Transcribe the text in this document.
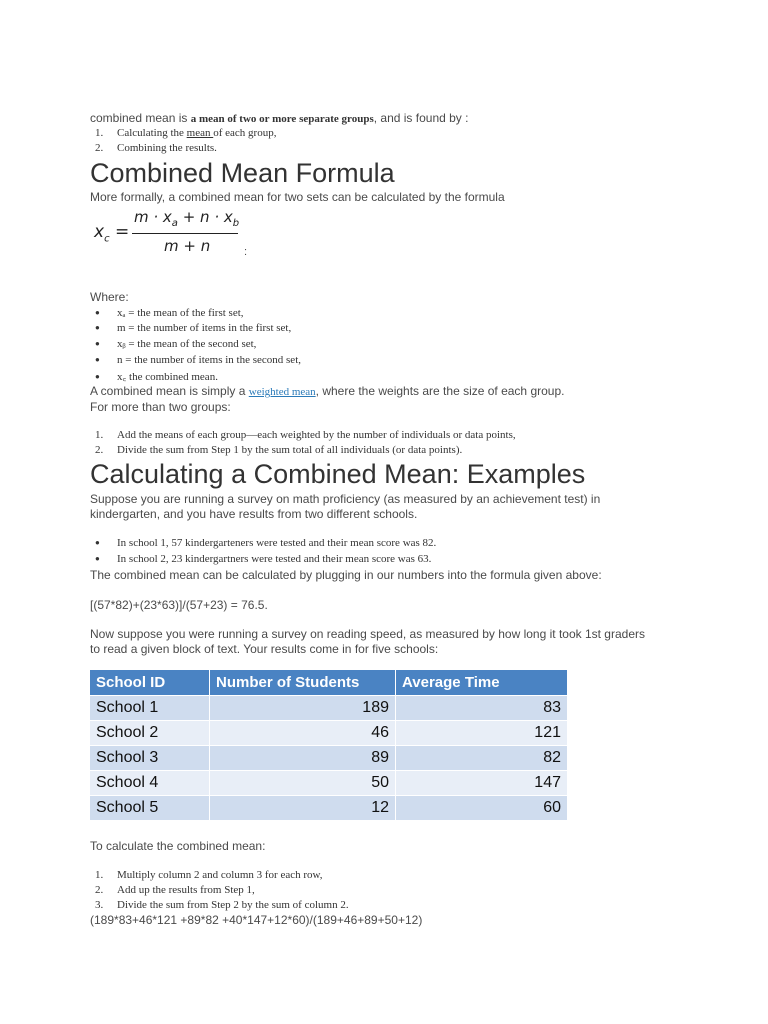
combined mean is a mean of two or more separate groups, and is found by :
1. Calculating the mean of each group,
2. Combining the results.
Combined Mean Formula
More formally, a combined mean for two sets can be calculated by the formula
$x_c$ =
$m \cdot x_a + n \cdot x_b$
m + n	:
Where:
● xₐ = the mean of the first set,
● m = the number of items in the first set,
● xᵦ = the mean of the second set,
● n = the number of items in the second set,
● x꜀ the combined mean.
A combined mean is simply a weighted mean, where the weights are the size of each group.
For more than two groups:
1. Add the means of each group—each weighted by the number of individuals or data points,
2. Divide the sum from Step 1 by the sum total of all individuals (or data points).
Calculating a Combined Mean: Examples
Suppose you are running a survey on math proficiency (as measured by an achievement test) in
kindergarten, and you have results from two different schools.
● In school 1, 57 kindergarteners were tested and their mean score was 82.
● In school 2, 23 kindergartners were tested and their mean score was 63.
The combined mean can be calculated by plugging in our numbers into the formula given above:
[(57*82)+(23*63)]/(57+23) = 76.5.
Now suppose you were running a survey on reading speed, as measured by how long it took 1st graders
to read a given block of text. Your results come in for five schools:
School ID	Number of Students	Average Time
School 1	189	83
School 2	46	121
School 3	89	82
School 4	50	147
School 5	12	60
To calculate the combined mean:
1. Multiply column 2 and column 3 for each row,
2. Add up the results from Step 1,
3. Divide the sum from Step 2 by the sum of column 2.
(189*83+46*121 +89*82 +40*147+12*60)/(189+46+89+50+12)
